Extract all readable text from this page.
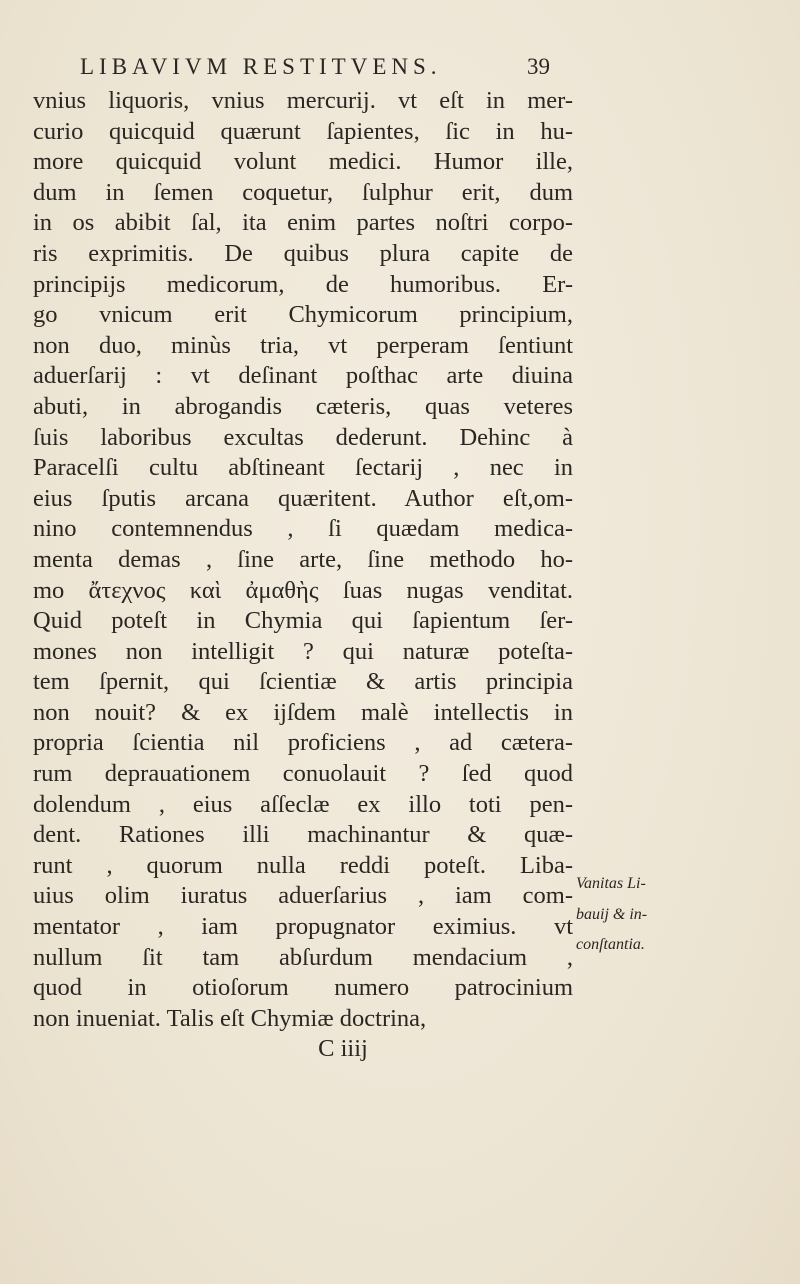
LIBAVIVM RESTITVENS.	39
vnius liquoris, vnius mercurij. vt eſt in mer-
curio quicquid quærunt ſapientes, ſic in hu-
more quicquid volunt medici. Humor ille,
dum in ſemen coquetur, ſulphur erit, dum
in os abibit ſal, ita enim partes noſtri corpo-
ris exprimitis. De quibus plura capite de
principijs medicorum, de humoribus. Er-
go vnicum erit Chymicorum principium,
non duo, minùs tria, vt perperam ſentiunt
aduerſarij : vt deſinant poſthac arte diuina
abuti, in abrogandis cæteris, quas veteres
ſuis laboribus excultas dederunt. Dehinc à
Paracelſi cultu abſtineant ſectarij , nec in
eius ſputis arcana quæritent. Author eſt,om-
nino contemnendus , ſi quædam medica-
menta demas , ſine arte, ſine methodo ho-
mo ἄτεχνος καὶ ἀμαθὴς ſuas nugas venditat.
Quid poteſt in Chymia qui ſapientum ſer-
mones non intelligit ? qui naturæ poteſta-
tem ſpernit, qui ſcientiæ & artis principia
non nouit? & ex ijſdem malè intellectis in
propria ſcientia nil proficiens , ad cætera-
rum deprauationem conuolauit ? ſed quod
dolendum , eius aſſeclæ ex illo toti pen-
dent. Rationes illi machinantur & quæ-
runt , quorum nulla reddi poteſt. Liba-
uius olim iuratus aduerſarius , iam com-
mentator , iam propugnator eximius. vt
nullum ſit tam abſurdum mendacium ,
quod in otioſorum numero patrocinium
non inueniat. Talis eſt Chymiæ doctrina,
C iiij
Vanitas Li-
bauij & in-
conſtantia.
